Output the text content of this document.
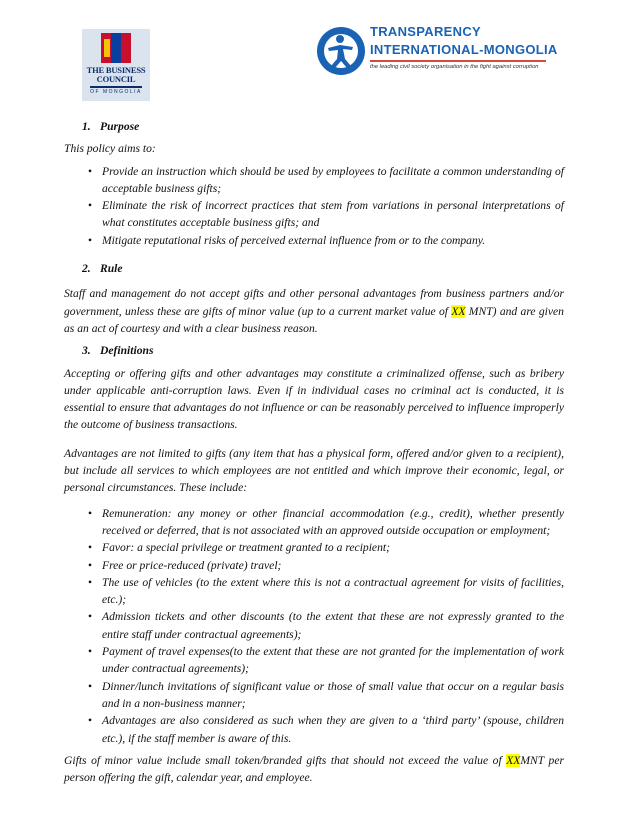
THE BUSINESS
COUNCIL
OF MONGOLIA
TRANSPARENCY
INTERNATIONAL-MONGOLIA
the leading civil society organisation in the fight against corruption
1. Purpose

This policy aims to:

• Provide an instruction which should be used by employees to facilitate a common understanding of acceptable business gifts;
• Eliminate the risk of incorrect practices that stem from variations in personal interpretations of what constitutes acceptable business gifts; and
• Mitigate reputational risks of perceived external influence from or to the company.
2. Rule

Staff and management do not accept gifts and other personal advantages from business partners and/or government, unless these are gifts of minor value (up to a current market value of XX MNT) and are given as an act of courtesy and with a clear business reason.

3. Definitions

Accepting or offering gifts and other advantages may constitute a criminalized offense, such as bribery under applicable anti-corruption laws. Even if in individual cases no criminal act is conducted, it is essential to ensure that advantages do not influence or can be reasonably perceived to influence improperly the outcome of business transactions.

Advantages are not limited to gifts (any item that has a physical form, offered and/or given to a recipient), but include all services to which employees are not entitled and which improve their economic, legal, or personal circumstances. These include:

• Remuneration: any money or other financial accommodation (e.g., credit), whether presently received or deferred, that is not associated with an approved outside occupation or employment;
• Favor: a special privilege or treatment granted to a recipient;
• Free or price-reduced (private) travel;
• The use of vehicles (to the extent where this is not a contractual agreement for visits of facilities, etc.);
• Admission tickets and other discounts (to the extent that these are not expressly granted to the entire staff under contractual agreements);
• Payment of travel expenses(to the extent that these are not granted for the implementation of work under contractual agreements);
• Dinner/lunch invitations of significant value or those of small value that occur on a regular basis and in a non-business manner;
• Advantages are also considered as such when they are given to a ‘third party’ (spouse, children etc.), if the staff member is aware of this.

Gifts of minor value include small token/branded gifts that should not exceed the value of XXMNT per person offering the gift, calendar year, and employee.
